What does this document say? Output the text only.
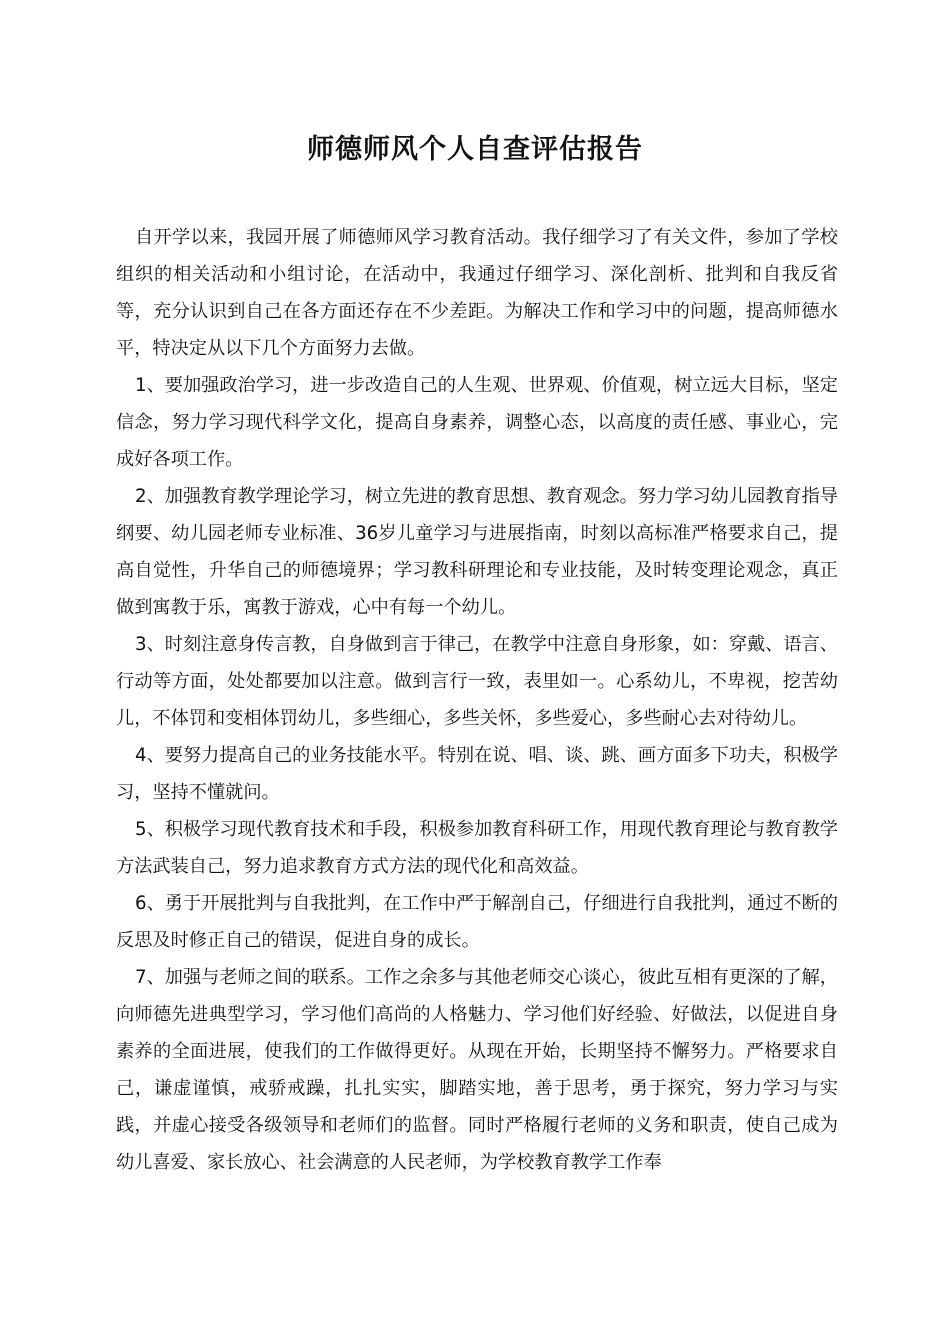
师德师风个人自查评估报告

自开学以来，我园开展了师德师风学习教育活动。我仔细学习了有关文件，参加了学校组织的相关活动和小组讨论，在活动中，我通过仔细学习、深化剖析、批判和自我反省等，充分认识到自己在各方面还存在不少差距。为解决工作和学习中的问题，提高师德水平，特决定从以下几个方面努力去做。

1、要加强政治学习，进一步改造自己的人生观、世界观、价值观，树立远大目标，坚定信念，努力学习现代科学文化，提高自身素养，调整心态，以高度的责任感、事业心，完成好各项工作。

2、加强教育教学理论学习，树立先进的教育思想、教育观念。努力学习幼儿园教育指导纲要、幼儿园老师专业标准、36岁儿童学习与进展指南，时刻以高标准严格要求自己，提高自觉性，升华自己的师德境界；学习教科研理论和专业技能，及时转变理论观念，真正做到寓教于乐，寓教于游戏，心中有每一个幼儿。

3、时刻注意身传言教，自身做到言于律己，在教学中注意自身形象，如：穿戴、语言、行动等方面，处处都要加以注意。做到言行一致，表里如一。心系幼儿，不卑视，挖苦幼儿，不体罚和变相体罚幼儿，多些细心，多些关怀，多些爱心，多些耐心去对待幼儿。

4、要努力提高自己的业务技能水平。特别在说、唱、谈、跳、画方面多下功夫，积极学习，坚持不懂就问。

5、积极学习现代教育技术和手段，积极参加教育科研工作，用现代教育理论与教育教学方法武装自己，努力追求教育方式方法的现代化和高效益。

6、勇于开展批判与自我批判，在工作中严于解剖自己，仔细进行自我批判，通过不断的反思及时修正自己的错误，促进自身的成长。

7、加强与老师之间的联系。工作之余多与其他老师交心谈心，彼此互相有更深的了解，向师德先进典型学习，学习他们高尚的人格魅力、学习他们好经验、好做法，以促进自身素养的全面进展，使我们的工作做得更好。从现在开始，长期坚持不懈努力。严格要求自己，谦虚谨慎，戒骄戒躁，扎扎实实，脚踏实地，善于思考，勇于探究，努力学习与实践，并虚心接受各级领导和老师们的监督。同时严格履行老师的义务和职责，使自己成为幼儿喜爱、家长放心、社会满意的人民老师，为学校教育教学工作奉
